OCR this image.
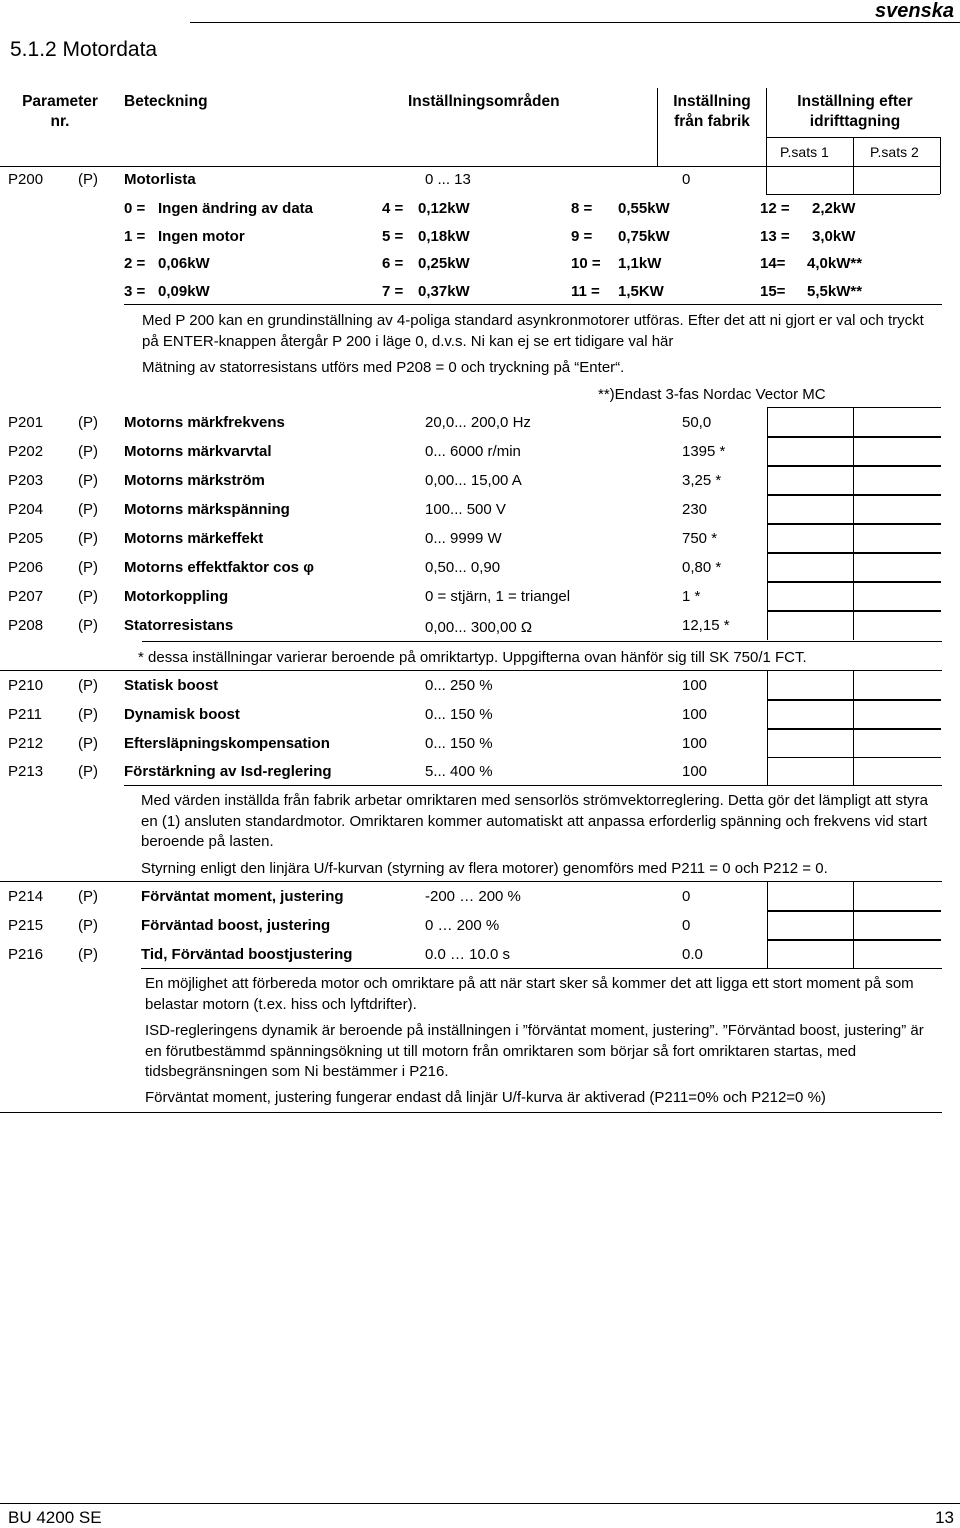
svenska
5.1.2 Motordata
Parameter
nr.
Beteckning	Inställningsområden	Inställning
från fabrik
Inställning efter
idrifttagning
P.sats 1	P.sats 2
P200 (P) Motorlista	0 ... 13	0
0 = Ingen ändring av data	4 = 0,12kW	8 = 0,55kW	12 = 2,2kW
1 = Ingen motor	5 = 0,18kW	9 = 0,75kW	13 = 3,0kW
2 = 0,06kW	6 = 0,25kW	10 = 1,1kW	14= 4,0kW**
3 = 0,09kW	7 = 0,37kW	11 = 1,5KW	15= 5,5kW**
Med P 200 kan en grundinställning av 4-poliga standard asynkronmotorer utföras. Efter det att ni gjort er val och tryckt på ENTER-knappen återgår P 200 i läge 0, d.v.s. Ni kan ej se ert tidigare val här
Mätning av statorresistans utförs med P208 = 0 och tryckning på “Enter“.
**)Endast 3-fas Nordac Vector MC
P201 (P) Motorns märkfrekvens	20,0... 200,0 Hz	50,0
P202 (P) Motorns märkvarvtal	0... 6000 r/min	1395 *
P203 (P) Motorns märkström	0,00... 15,00 A	3,25 *
P204 (P) Motorns märkspänning	100... 500 V	230
P205 (P) Motorns märkeffekt	0... 9999 W	750 *
P206 (P) Motorns effektfaktor cos φ	0,50... 0,90	0,80 *
P207 (P) Motorkoppling	0 = stjärn, 1 = triangel	1 *
P208 (P) Statorresistans	0,00... 300,00 Ω	12,15 *
* dessa inställningar varierar beroende på omriktartyp. Uppgifterna ovan hänför sig till SK 750/1 FCT.
P210 (P) Statisk boost	0... 250 %	100
P211 (P) Dynamisk boost	0... 150 %	100
P212 (P) Eftersläpningskompensation	0... 150 %	100
P213 (P) Förstärkning av Isd-reglering	5... 400 %	100
Med värden inställda från fabrik arbetar omriktaren med sensorlös strömvektorreglering. Detta gör det lämpligt att styra en (1) ansluten standardmotor. Omriktaren kommer automatiskt att anpassa erforderlig spänning och frekvens vid start beroende på lasten.
Styrning enligt den linjära U/f-kurvan (styrning av flera motorer) genomförs med P211 = 0 och P212 = 0.
P214 (P)	Förväntat moment, justering	-200 … 200 %	0
P215 (P)	Förväntad boost, justering	0 … 200 %	0
P216 (P)	Tid, Förväntad boostjustering	0.0 … 10.0 s	0.0
En möjlighet att förbereda motor och omriktare på att när start sker så kommer det att ligga ett stort moment på som belastar motorn (t.ex. hiss och lyftdrifter).
ISD-regleringens dynamik är beroende på inställningen i ”förväntat moment, justering”. ”Förväntad boost, justering” är en förutbestämmd spänningsökning ut till motorn från omriktaren som börjar så fort omriktaren startas, med tidsbegränsningen som Ni bestämmer i P216.
Förväntat moment, justering fungerar endast då linjär U/f-kurva är aktiverad (P211=0% och P212=0 %)
BU 4200 SE	13
